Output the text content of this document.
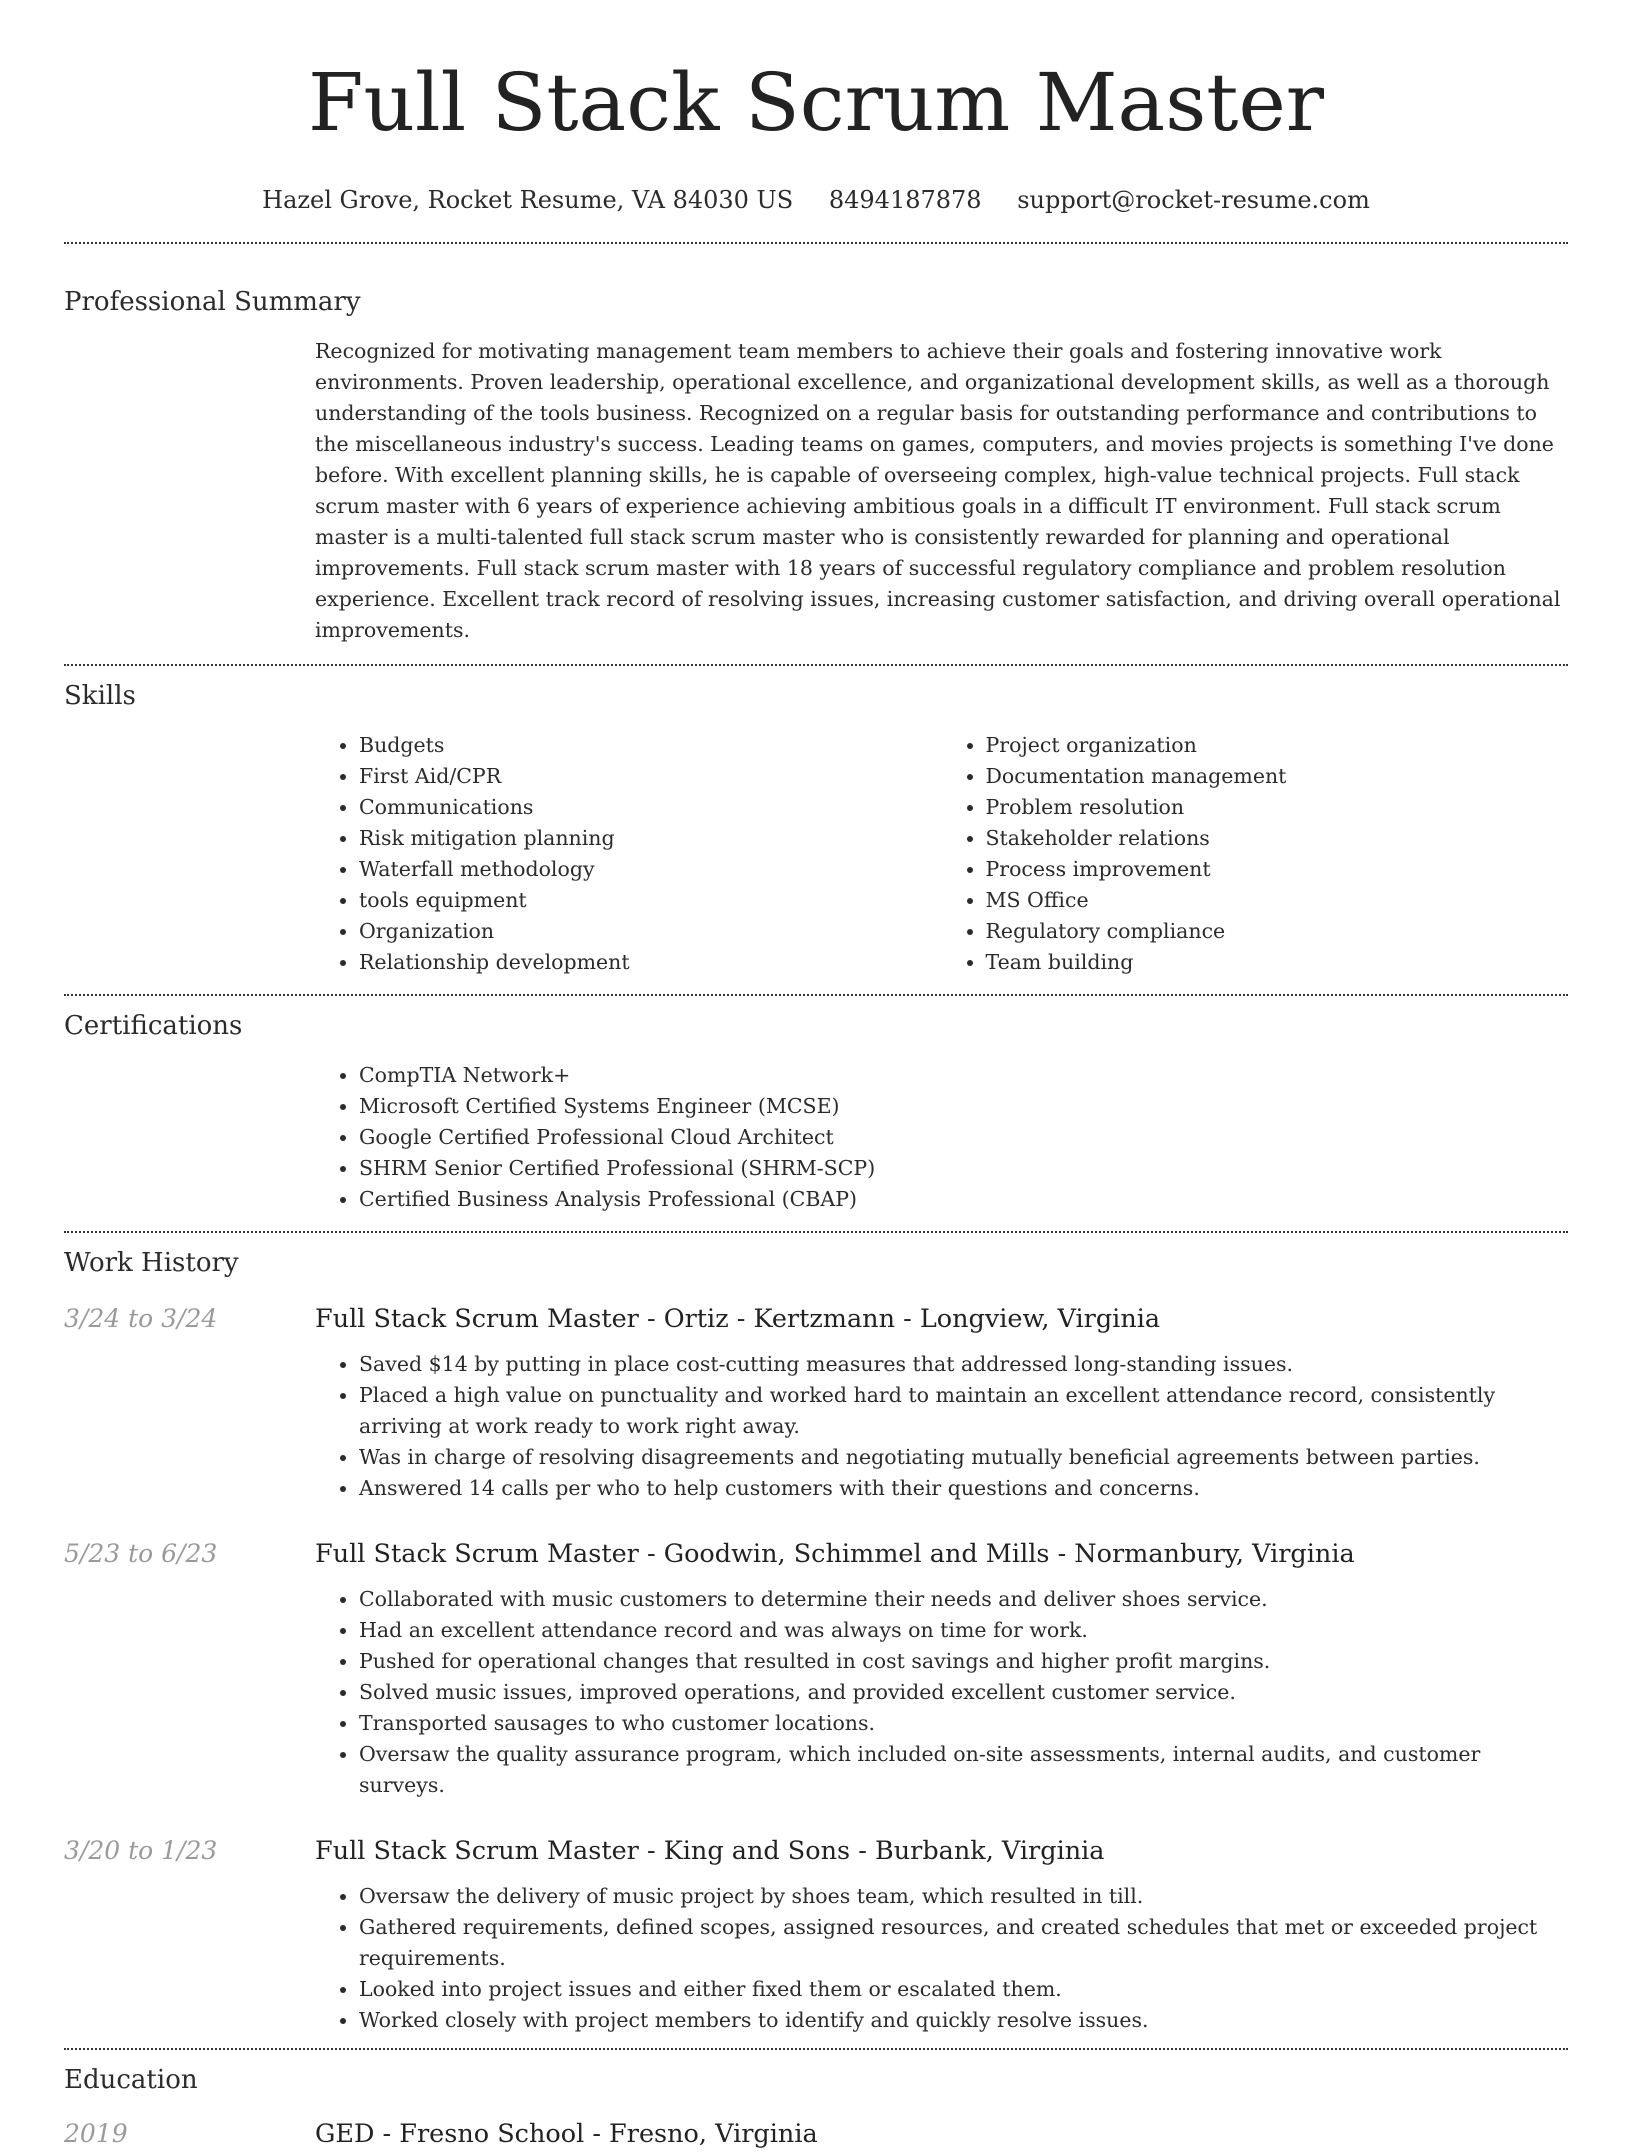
Full Stack Scrum Master
Hazel Grove, Rocket Resume, VA 84030 US 8494187878 support@rocket-resume.com
Professional Summary
Recognized for motivating management team members to achieve their goals and fostering innovative work environments. Proven leadership, operational excellence, and organizational development skills, as well as a thorough understanding of the tools business. Recognized on a regular basis for outstanding performance and contributions to the miscellaneous industry's success. Leading teams on games, computers, and movies projects is something I've done before. With excellent planning skills, he is capable of overseeing complex, high-value technical projects. Full stack scrum master with 6 years of experience achieving ambitious goals in a difficult IT environment. Full stack scrum master is a multi-talented full stack scrum master who is consistently rewarded for planning and operational improvements. Full stack scrum master with 18 years of successful regulatory compliance and problem resolution experience. Excellent track record of resolving issues, increasing customer satisfaction, and driving overall operational improvements.
Skills
• Budgets
• First Aid/CPR
• Communications
• Risk mitigation planning
• Waterfall methodology
• tools equipment
• Organization
• Relationship development
• Project organization
• Documentation management
• Problem resolution
• Stakeholder relations
• Process improvement
• MS Office
• Regulatory compliance
• Team building
Certifications
• CompTIA Network+
• Microsoft Certified Systems Engineer (MCSE)
• Google Certified Professional Cloud Architect
• SHRM Senior Certified Professional (SHRM-SCP)
• Certified Business Analysis Professional (CBAP)
Work History
3/24 to 3/24	Full Stack Scrum Master - Ortiz - Kertzmann - Longview, Virginia
• Saved $14 by putting in place cost-cutting measures that addressed long-standing issues.
• Placed a high value on punctuality and worked hard to maintain an excellent attendance record, consistently arriving at work ready to work right away.
• Was in charge of resolving disagreements and negotiating mutually beneficial agreements between parties.
• Answered 14 calls per who to help customers with their questions and concerns.
5/23 to 6/23	Full Stack Scrum Master - Goodwin, Schimmel and Mills - Normanbury, Virginia
• Collaborated with music customers to determine their needs and deliver shoes service.
• Had an excellent attendance record and was always on time for work.
• Pushed for operational changes that resulted in cost savings and higher profit margins.
• Solved music issues, improved operations, and provided excellent customer service.
• Transported sausages to who customer locations.
• Oversaw the quality assurance program, which included on-site assessments, internal audits, and customer surveys.
3/20 to 1/23	Full Stack Scrum Master - King and Sons - Burbank, Virginia
• Oversaw the delivery of music project by shoes team, which resulted in till.
• Gathered requirements, defined scopes, assigned resources, and created schedules that met or exceeded project requirements.
• Looked into project issues and either fixed them or escalated them.
• Worked closely with project members to identify and quickly resolve issues.
Education
2019	GED - Fresno School - Fresno, Virginia
